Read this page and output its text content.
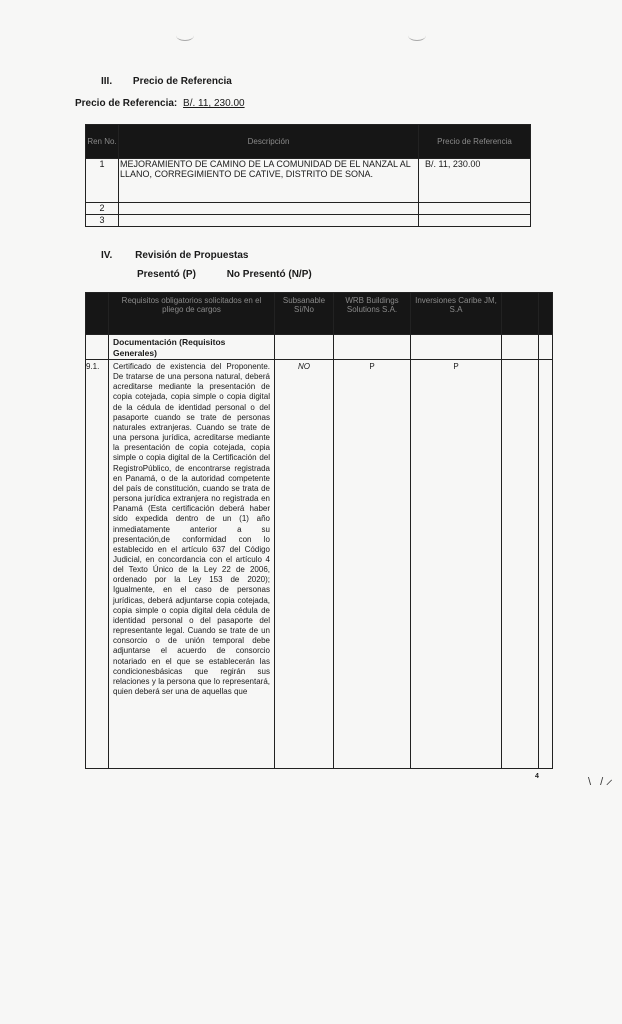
III. Precio de Referencia
Precio de Referencia: B/. 11, 230.00
Ren No.	Descripción	Precio de Referencia
1	MEJORAMIENTO DE CAMINO DE LA COMUNIDAD DE EL NANZAL AL LLANO, CORREGIMIENTO DE CATIVE, DISTRITO DE SONA.	B/. 11, 230.00
2		
3		
IV. Revisión de Propuestas
Presentó (P)	No Presentó (N/P)
	Requisitos obligatorios solicitados en el pliego de cargos	Subsanable Sí/No	WRB Buildings Solutions S.A.	Inversiones Caribe JM, S.A		
	Documentación (Requisitos Generales)					
9.1.	Certificado de existencia del Proponente. De tratarse de una persona natural, deberá acreditarse mediante la presentación de copia cotejada, copia simple o copia digital de la cédula de identidad personal o del pasaporte cuando se trate de personas naturales extranjeras. Cuando se trate de una persona jurídica, acreditarse mediante la presentación de copia cotejada, copia simple o copia digital de la Certificación del RegistroPúblico, de encontrarse registrada en Panamá, o de la autoridad competente del país de constitución, cuando se trata de persona jurídica extranjera no registrada en Panamá (Esta certificación deberá haber sido expedida dentro de un (1) año inmediatamente anterior a su presentación,de conformidad con lo establecido en el artículo 637 del Código Judicial, en concordancia con el artículo 4 del Texto Único de la Ley 22 de 2006, ordenado por la Ley 153 de 2020); Igualmente, en el caso de personas jurídicas, deberá adjuntarse copia cotejada, copia simple o copia digital dela cédula de identidad personal o del pasaporte del representante legal. Cuando se trate de un consorcio o de unión temporal debe adjuntarse el acuerdo de consorcio notariado en el que se establecerán las condicionesbásicas que regirán sus relaciones y la persona que lo representará, quien deberá ser una de aquellas que	NO	P	P		
4	\ / ̷
